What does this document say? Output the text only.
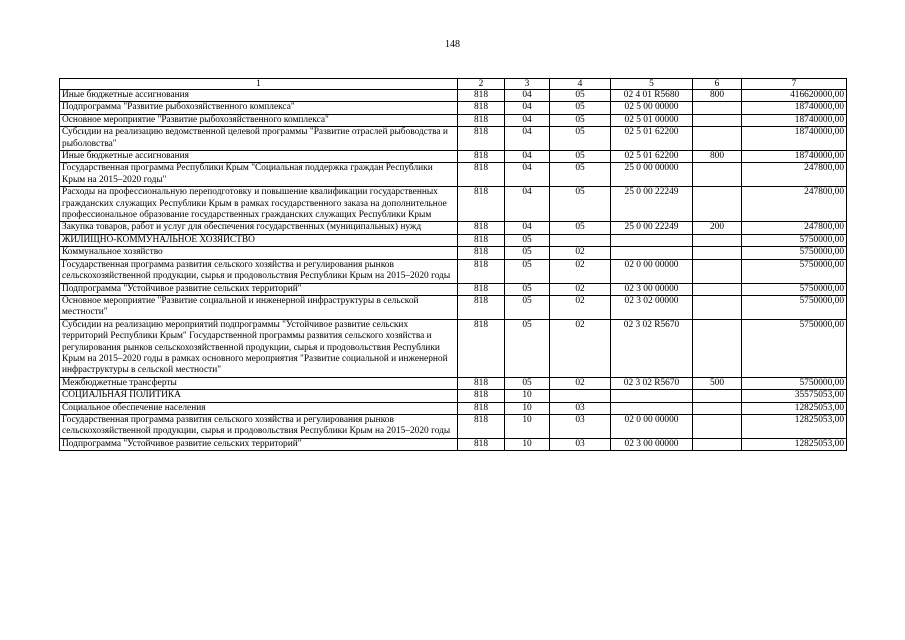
148
1	2	3	4	5	6	7
Иные бюджетные ассигнования	818	04	05	02 4 01 R5680	800	416620000,00
Подпрограмма "Развитие рыбохозяйственного комплекса"	818	04	05	02 5 00 00000		18740000,00
Основное мероприятие "Развитие рыбохозяйственного комплекса"	818	04	05	02 5 01 00000		18740000,00
Субсидии на реализацию ведомственной целевой программы "Развитие отраслей рыбоводства и рыболовства"	818	04	05	02 5 01 62200		18740000,00
Иные бюджетные ассигнования	818	04	05	02 5 01 62200	800	18740000,00
Государственная программа Республики Крым "Социальная поддержка граждан Республики Крым на 2015–2020 годы"	818	04	05	25 0 00 00000		247800,00
Расходы на профессиональную переподготовку и повышение квалификации государственных гражданских служащих Республики Крым в рамках государственного заказа на дополнительное профессиональное образование государственных гражданских служащих Республики Крым	818	04	05	25 0 00 22249		247800,00
Закупка товаров, работ и услуг для обеспечения государственных (муниципальных) нужд	818	04	05	25 0 00 22249	200	247800,00
ЖИЛИЩНО-КОММУНАЛЬНОЕ ХОЗЯЙСТВО	818	05				5750000,00
Коммунальное хозяйство	818	05	02			5750000,00
Государственная программа развития сельского хозяйства и регулирования рынков сельскохозяйственной продукции, сырья и продовольствия Республики Крым на 2015–2020 годы	818	05	02	02 0 00 00000		5750000,00
Подпрограмма "Устойчивое развитие сельских территорий"	818	05	02	02 3 00 00000		5750000,00
Основное мероприятие "Развитие социальной и инженерной инфраструктуры в сельской местности"	818	05	02	02 3 02 00000		5750000,00
Субсидии на реализацию мероприятий подпрограммы "Устойчивое развитие сельских территорий Республики Крым" Государственной программы развития сельского хозяйства и регулирования рынков сельскохозяйственной продукции, сырья и продовольствия Республики Крым на 2015–2020 годы в рамках основного мероприятия "Развитие социальной и инженерной инфраструктуры в сельской местности"	818	05	02	02 3 02 R5670		5750000,00
Межбюджетные трансферты	818	05	02	02 3 02 R5670	500	5750000,00
СОЦИАЛЬНАЯ ПОЛИТИКА	818	10				35575053,00
Социальное обеспечение населения	818	10	03			12825053,00
Государственная программа развития сельского хозяйства и регулирования рынков сельскохозяйственной продукции, сырья и продовольствия Республики Крым на 2015–2020 годы	818	10	03	02 0 00 00000		12825053,00
Подпрограмма "Устойчивое развитие сельских территорий"	818	10	03	02 3 00 00000		12825053,00
